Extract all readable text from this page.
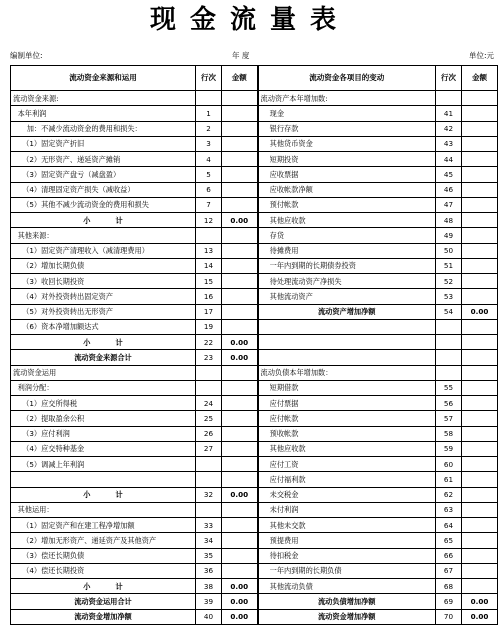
现金流量表
编制单位:	年 度	单位:元
流动资金来源和运用	行次	金额	流动资金各项目的变动	行次	金额
流动资金来源:			流动资产本年增加数:		
本年利润	1		现金	41	
加：不减少流动资金的费用和损失：	2		银行存款	42	
（1）固定资产折旧	3		其他货币资金	43	
（2）无形资产、递延资产摊销	4		短期投资	44	
（3）固定资产盘亏（减盘盈）	5		应收票据	45	
（4）清理固定资产损失（减收益）	6		应收帐款净额	46	
（5）其他不减少流动资金的费用和损失	7		预付帐款	47	
小          计	12	0.00	其他应收款	48	
其他来源：			存货	49	
（1）固定资产清理收入（减清理费用）	13		待摊费用	50	
（2）增加长期负债	14		一年内到期的长期债券投资	51	
（3）收回长期投资	15		待处理流动资产净损失	52	
（4）对外投资转出固定资产	16		其他流动资产	53	
（5）对外投资转出无形资产	17		流动资产增加净额	54	0.00
（6）资本净增加额达式	19				
小          计	22	0.00			
流动资金来源合计	23	0.00			
流动资金运用			流动负债本年增加数：		
利润分配：			短期借款	55	
（1）应交所得税	24		应付票据	56	
（2）提取盈余公积	25		应付帐款	57	
（3）应付利润	26		预收帐款	58	
（4）应交特种基金	27		其他应收款	59	
（5）调减上年利润			应付工资	60	
			应付福利款	61	
小          计	32	0.00	未交税金	62	
其他运用：			未付利润	63	
（1）固定资产和在建工程净增加额	33		其他未交款	64	
（2）增加无形资产、递延资产及其他资产	34		预提费用	65	
（3）偿还长期负债	35		待扣税金	66	
（4）偿还长期投资	36		一年内到期的长期负债	67	
小          计	38	0.00	其他流动负债	68	
流动资金运用合计	39	0.00	流动负债增加净额	69	0.00
流动资金增加净额	40	0.00	流动资金增加净额	70	0.00
